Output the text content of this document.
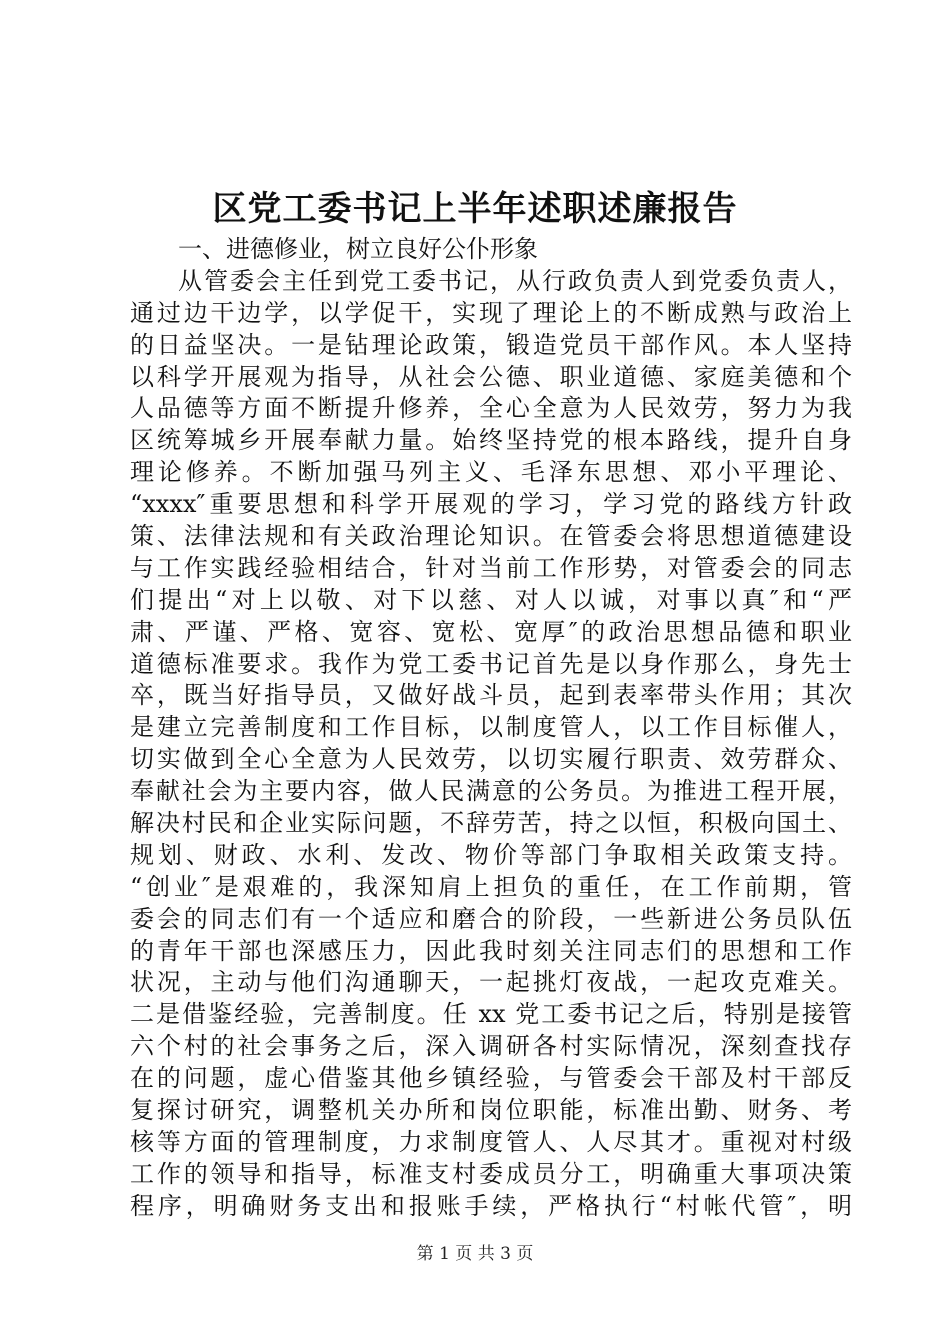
区党工委书记上半年述职述廉报告
一、进德修业，树立良好公仆形象
从管委会主任到党工委书记，从行政负责人到党委负责人，
通过边干边学，以学促干，实现了理论上的不断成熟与政治上
的日益坚决。一是钻理论政策，锻造党员干部作风。本人坚持
以科学开展观为指导，从社会公德、职业道德、家庭美德和个
人品德等方面不断提升修养，全心全意为人民效劳，努力为我
区统筹城乡开展奉献力量。始终坚持党的根本路线，提升自身
理论修养。不断加强马列主义、毛泽东思想、邓小平理论、
“xxxx″重要思想和科学开展观的学习，学习党的路线方针政
策、法律法规和有关政治理论知识。在管委会将思想道德建设
与工作实践经验相结合，针对当前工作形势，对管委会的同志
们提出“对上以敬、对下以慈、对人以诚，对事以真″和“严
肃、严谨、严格、宽容、宽松、宽厚″的政治思想品德和职业
道德标准要求。我作为党工委书记首先是以身作那么，身先士
卒，既当好指导员，又做好战斗员，起到表率带头作用；其次
是建立完善制度和工作目标，以制度管人，以工作目标催人，
切实做到全心全意为人民效劳，以切实履行职责、效劳群众、
奉献社会为主要内容，做人民满意的公务员。为推进工程开展，
解决村民和企业实际问题，不辞劳苦，持之以恒，积极向国土、
规划、财政、水利、发改、物价等部门争取相关政策支持。
“创业″是艰难的，我深知肩上担负的重任，在工作前期，管
委会的同志们有一个适应和磨合的阶段，一些新进公务员队伍
的青年干部也深感压力，因此我时刻关注同志们的思想和工作
状况，主动与他们沟通聊天，一起挑灯夜战，一起攻克难关。
二是借鉴经验，完善制度。任 xx 党工委书记之后，特别是接管
六个村的社会事务之后，深入调研各村实际情况，深刻查找存
在的问题，虚心借鉴其他乡镇经验，与管委会干部及村干部反
复探讨研究，调整机关办所和岗位职能，标准出勤、财务、考
核等方面的管理制度，力求制度管人、人尽其才。重视对村级
工作的领导和指导，标准支村委成员分工，明确重大事项决策
程序，明确财务支出和报账手续，严格执行“村帐代管″，明
第 1 页 共 3 页
